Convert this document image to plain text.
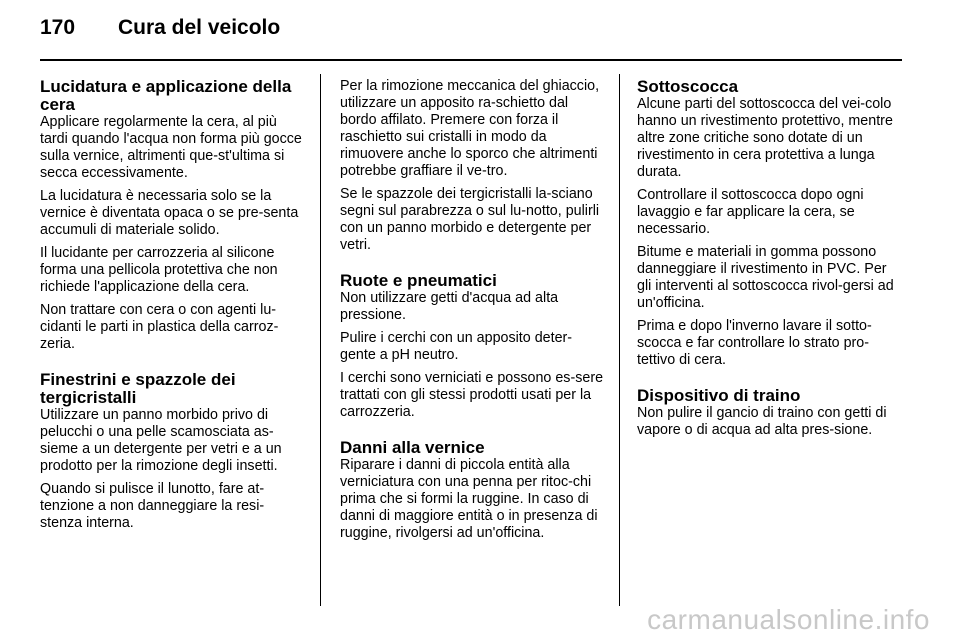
170	Cura del veicolo
Lucidatura e applicazione della cera

Applicare regolarmente la cera, al più tardi quando l'acqua non forma più gocce sulla vernice, altrimenti que-st'ultima si secca eccessivamente.

La lucidatura è necessaria solo se la vernice è diventata opaca o se pre-senta accumuli di materiale solido.

Il lucidante per carrozzeria al silicone forma una pellicola protettiva che non richiede l'applicazione della cera.

Non trattare con cera o con agenti lu-cidanti le parti in plastica della carroz-zeria.

Finestrini e spazzole dei tergicristalli

Utilizzare un panno morbido privo di pelucchi o una pelle scamosciata as-sieme a un detergente per vetri e a un prodotto per la rimozione degli insetti.

Quando si pulisce il lunotto, fare at-tenzione a non danneggiare la resi-stenza interna.

Per la rimozione meccanica del ghiaccio, utilizzare un apposito ra-schietto dal bordo affilato. Premere con forza il raschietto sui cristalli in modo da rimuovere anche lo sporco che altrimenti potrebbe graffiare il ve-tro.

Se le spazzole dei tergicristalli la-sciano segni sul parabrezza o sul lu-notto, pulirli con un panno morbido e detergente per vetri.

Ruote e pneumatici

Non utilizzare getti d'acqua ad alta pressione.

Pulire i cerchi con un apposito deter-gente a pH neutro.

I cerchi sono verniciati e possono es-sere trattati con gli stessi prodotti usati per la carrozzeria.

Danni alla vernice

Riparare i danni di piccola entità alla verniciatura con una penna per ritoc-chi prima che si formi la ruggine. In caso di danni di maggiore entità o in presenza di ruggine, rivolgersi ad un'officina.

Sottoscocca

Alcune parti del sottoscocca del vei-colo hanno un rivestimento protettivo, mentre altre zone critiche sono dotate di un rivestimento in cera protettiva a lunga durata.

Controllare il sottoscocca dopo ogni lavaggio e far applicare la cera, se necessario.

Bitume e materiali in gomma possono danneggiare il rivestimento in PVC. Per gli interventi al sottoscocca rivol-gersi ad un'officina.

Prima e dopo l'inverno lavare il sotto-scocca e far controllare lo strato pro-tettivo di cera.

Dispositivo di traino

Non pulire il gancio di traino con getti di vapore o di acqua ad alta pres-sione.

carmanualsonline.info
